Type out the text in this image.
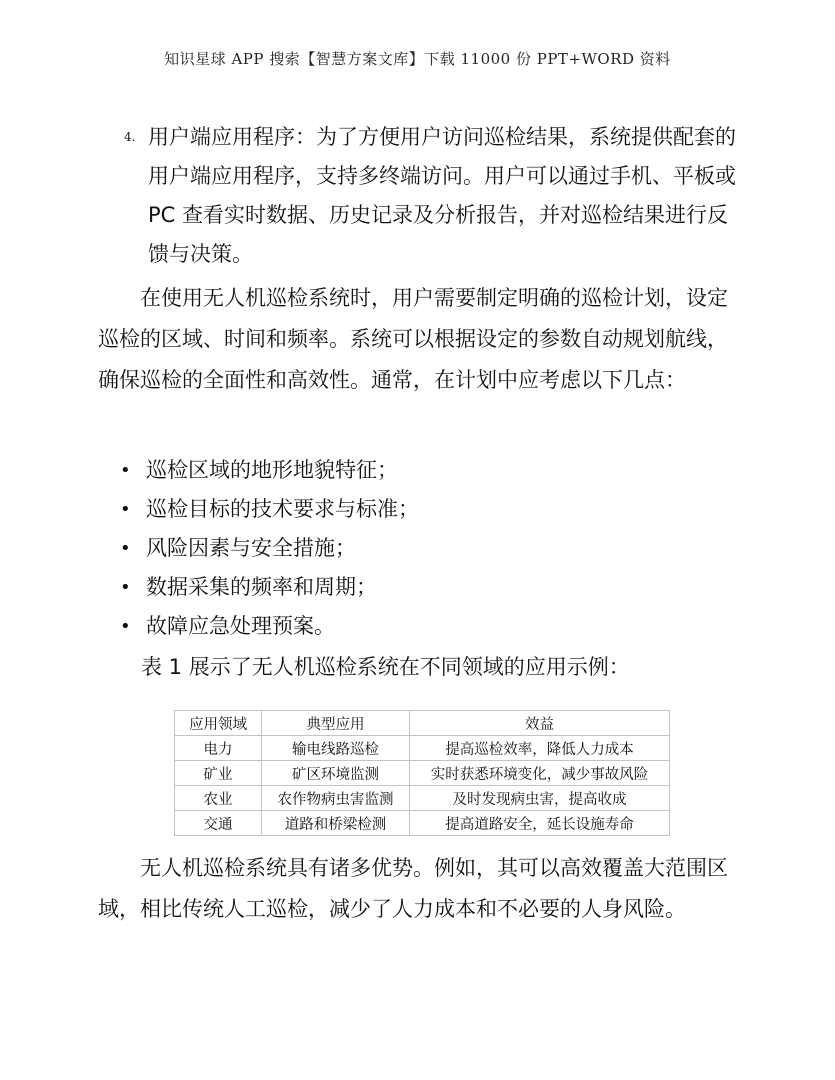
知识星球 APP 搜索【智慧方案文库】下载 11000 份 PPT+WORD 资料
4. 用户端应用程序：为了方便用户访问巡检结果，系统提供配套的用户端应用程序，支持多终端访问。用户可以通过手机、平板或 PC 查看实时数据、历史记录及分析报告，并对巡检结果进行反馈与决策。
在使用无人机巡检系统时，用户需要制定明确的巡检计划，设定巡检的区域、时间和频率。系统可以根据设定的参数自动规划航线，确保巡检的全面性和高效性。通常，在计划中应考虑以下几点：
• 巡检区域的地形地貌特征；
• 巡检目标的技术要求与标准；
• 风险因素与安全措施；
• 数据采集的频率和周期；
• 故障应急处理预案。
表 1 展示了无人机巡检系统在不同领域的应用示例：
应用领域	典型应用	效益
电力	输电线路巡检	提高巡检效率，降低人力成本
矿业	矿区环境监测	实时获悉环境变化，减少事故风险
农业	农作物病虫害监测	及时发现病虫害，提高收成
交通	道路和桥梁检测	提高道路安全，延长设施寿命
无人机巡检系统具有诸多优势。例如，其可以高效覆盖大范围区域，相比传统人工巡检，减少了人力成本和不必要的人身风险。
